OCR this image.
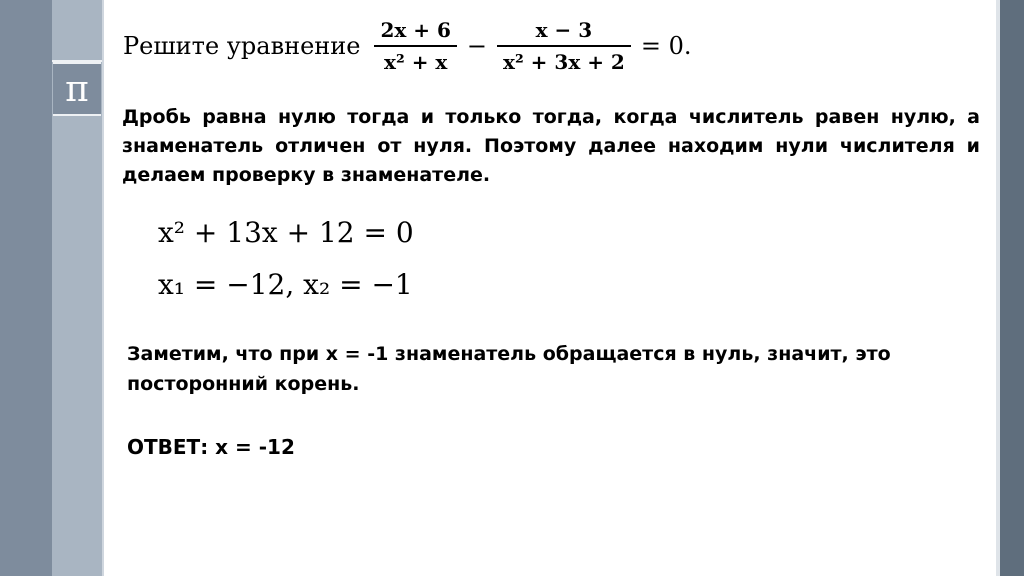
π
Решите уравнение $\frac{2x + 6}{\text{x² + x}} - \frac{x - 3}{\text{x² + 3x + 2}} = 0$.
Дробь равна нулю тогда и только тогда, когда числитель равен нулю, а знаменатель отличен от нуля. Поэтому далее находим нули числителя и делаем проверку в знаменателе.
x² + 13x + 12 = 0
x₁ = −12, x₂ = −1
Заметим, что при х = -1 знаменатель обращается в нуль, значит, это посторонний корень.
ОТВЕТ: х = -12
